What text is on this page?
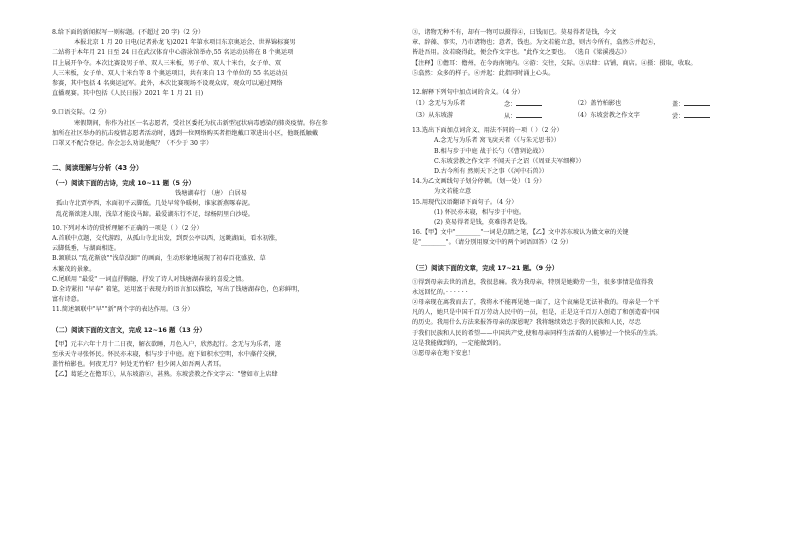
8.给下面的新闻拟写一则标题。(不超过 20 字)（2 分）
本报北京 1 月 20 日电(记者孙龙飞)2021 年第水项目东京奥运会、世界锦标赛男
二站将于本年月 21 日至 24 日在武汉体育中心游泳馆举办,55 名运动员将在 8 个奥运项
目上展开争夺。本次比赛设男子单、双人三米板，男子单、双人十米台，女子单、双
人三米板，女子单、双人十米台等 8 个奥运项目，共有来自 13 个单位的 55 名运动员
参赛，其中包括 4 名奥运冠军。此外，本次比赛现场不设观众席，观众可以通过网络
直播观赛。其中包括《人民日报》2021 年 1 月 21 日)
9.口语交际。（2 分）
寒假期间，你作为社区一名志愿者，受社区委托为抗击新型冠状病毒感染的肺炎疫情。你在参
加所在社区举办的抗击疫情志愿者活动时，遇到一位网络购买者拒绝戴口罩进出小区，他既抵触戴
口罩又不配合登记。你会怎么劝说他呢？（不少于 30 字）
二、阅读理解与分析（43 分）
（一）阅读下面的古诗，完成 10~11 题（5 分）
钱塘湖春行 （唐） 白居易
孤山寺北贾亭西，水面初平云脚低。几处早莺争暖树，谁家新燕啄春泥。
乱花渐欲迷人眼，浅草才能没马蹄。最爱湖东行不足，绿杨阴里白沙堤。
10.下列对本诗的赏析理解不正确的一项是（ ）（2 分）
A.首联中点题，交代游踪，从孤山寺北出发，到贾公亭以西，远眺湖面，看水初涨，
云脚低垂，与湖面相连。
B.颔联以 "乱花渐放""浅草没蹄" 的画面，生动形象地展现了初春百花盛放、草
木繁茂的景象。
C.尾联用 "最爱" 一词直抒胸臆，抒发了诗人对钱塘湖春景的喜爱之情。
D.全诗紧扣 "早春" 着笔，运用富于表现力的语言加以描绘，写出了钱塘湖春色，色彩鲜明，
富有诗意。
11.简述颔联中"早""新"两个字的表达作用。（3 分）
（二）阅读下面的文言文，完成 12~16 题（13 分）
【甲】元丰六年十月十二日夜，解衣欲睡，月色入户，欣然起行。念无与为乐者，遂
至承天寺寻张怀民。怀民亦未寝，相与步于中庭。庭下如积水空明，水中藻荇交横，
盖竹柏影也。何夜无月？何处无竹柏？但少闲人如吾两人者耳。
【乙】葛延之在儋耳①，从东坡游②，甚熟。东坡尝教之作文字云："譬如市上店肆
③，诸物无种不有，却有一物可以摄得④，曰钱而已。莫易得者是钱，今文
章、辞藻、事实，乃市诸物也；意者，钱也。为文若能立意，则古今所有，翕然⑤并起⑥，
皆赴吾用。汝若晓得此，便会作文字也。"此作文之要也。 （选自《梁溪漫志》）
【注释】①儋耳：儋州，在今海南境内。②游：交往，交际。③店肆：店铺，商店。④摄：摄取，收取。
⑤翕然：众多的样子。⑥并起：此指同时涌上心头。
12.解释下列句中加点词的含义。（4 分）
（1）念无与为乐者	念：	（2）盖竹柏影也	盖：
（3）从东坡游	从：	（4）东坡尝教之作文字	尝：
13.选出下面加点词含义、用法不同的一项（ ）（2 分）
A.念无与为乐者 窝飞戾天者（《与朱元思书》）
B.相与步于中庭 战于长勺（《曹刿论战》）
C.东坡尝教之作文字 不闻天子之诏（《周亚夫军细柳》）
D.古今所有 然则天下之事（《河中石兽》）
14.为乙文画线句子划分停顿。（划一处）（1 分）
为文若能立意
15.用现代汉语翻译下面句子。（4 分）
(1) 怀民亦未寝，相与步于中庭。
(2) 莫易得者是钱，莫难得者是钱。
16.【甲】文中"________"一词是点睛之笔，【乙】文中苏东坡认为做文章的关键
是"________"。（请分别用原文中的两个词语回答）（2 分）
（三）阅读下面的文章，完成 17~21 题。（9 分）
①得到母亲去世的消息，我很悲痛。我为我母亲，特别是她勤劳一生，很多事情是值得我
永远回忆的。· · · · · ·
②母亲现在离我而去了，我将永不能再见她一面了，这个哀痛是无法补救的。母亲是一个平
凡的人，她只是中国千百万劳动人民中的一员，但是，正是这千百万人创造了和创造着中国
的历史。我用什么方法来报答母亲的深恩呢？我将继续效忠于我的民族和人民，尽忠
于我们民族和人民的希望——中国共产党,使和母亲同样生活着的人能够过一个快乐的生活。
这是我能做到的，一定能做到的。
③愿母亲在地下安息！
